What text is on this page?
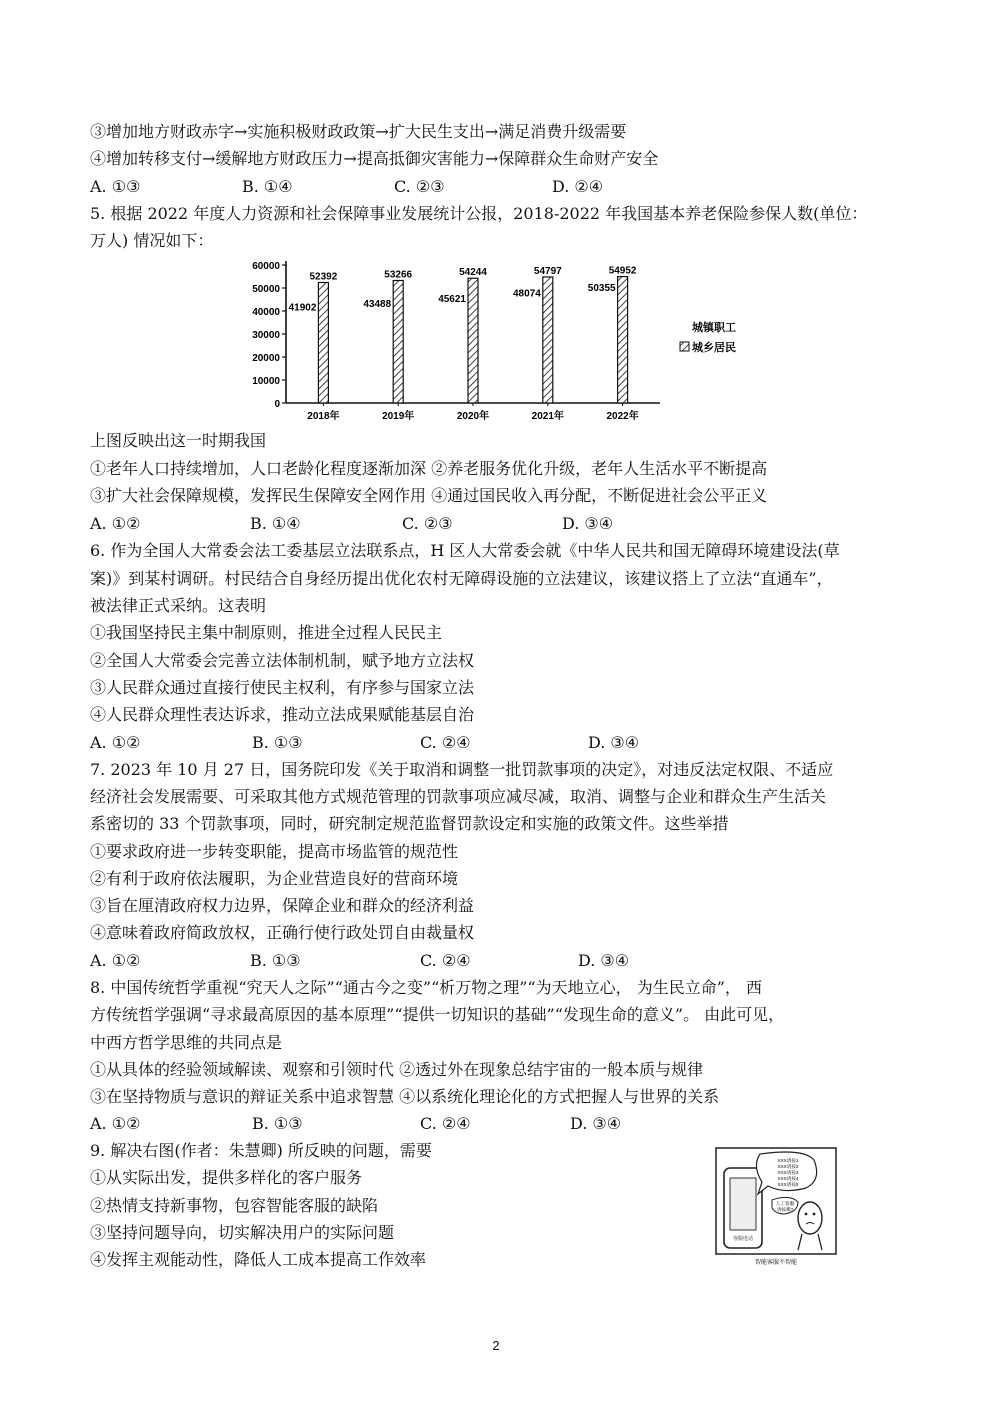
③增加地方财政赤字→实施积极财政政策→扩大民生支出→满足消费升级需要
④增加转移支付→缓解地方财政压力→提高抵御灾害能力→保障群众生命财产安全
A. ①③	B. ①④	C. ②③	D. ②④
5. 根据 2022 年度人力资源和社会保障事业发展统计公报，2018-2022 年我国基本养老保险参保人数(单位：
万人) 情况如下：
0
10000
20000
30000
40000
50000
60000
41902
52392
2018年
43488
53266
2019年
45621
54244
2020年
48074
54797
2021年
50355
54952
2022年
城镇职工
城乡居民
上图反映出这一时期我国
①老年人口持续增加，人口老龄化程度逐渐加深 ②养老服务优化升级，老年人生活水平不断提高
③扩大社会保障规模，发挥民生保障安全网作用 ④通过国民收入再分配，不断促进社会公平正义
A. ①②	B. ①④	C. ②③	D. ③④
6. 作为全国人大常委会法工委基层立法联系点，H 区人大常委会就《中华人民共和国无障碍环境建设法(草
案)》到某村调研。村民结合自身经历提出优化农村无障碍设施的立法建议，该建议搭上了立法“直通车”，
被法律正式采纳。这表明
①我国坚持民主集中制原则，推进全过程人民民主
②全国人大常委会完善立法体制机制，赋予地方立法权
③人民群众通过直接行使民主权利，有序参与国家立法
④人民群众理性表达诉求，推动立法成果赋能基层自治
A. ①②	B. ①③	C. ②④	D. ③④
7. 2023 年 10 月 27 日，国务院印发《关于取消和调整一批罚款事项的决定》，对违反法定权限、不适应
经济社会发展需要、可采取其他方式规范管理的罚款事项应减尽减，取消、调整与企业和群众生产生活关
系密切的 33 个罚款事项，同时，研究制定规范监督罚款设定和实施的政策文件。这些举措
①要求政府进一步转变职能，提高市场监管的规范性
②有利于政府依法履职，为企业营造良好的营商环境
③旨在厘清政府权力边界，保障企业和群众的经济利益
④意味着政府简政放权，正确行使行政处罚自由裁量权
A. ①②	B. ①③	C. ②④	D. ③④
8. 中国传统哲学重视“究天人之际”“通古今之变”“析万物之理”“为天地立心， 为生民立命”， 西
方传统哲学强调“寻求最高原因的基本原理”“提供一切知识的基础”“发现生命的意义”。 由此可见，
中西方哲学思维的共同点是
①从具体的经验领域解读、观察和引领时代 ②透过外在现象总结宇宙的一般本质与规律
③在坚持物质与意识的辩证关系中追求智慧 ④以系统化理论化的方式把握人与世界的关系
A. ①②	B. ①③	C. ②④	D. ③④
9. 解决右图(作者：朱慧卿) 所反映的问题，需要
①从实际出发，提供多样化的客户服务
②热情支持新事物，包容智能客服的缺陷
③坚持问题导向，切实解决用户的实际问题
④发挥主观能动性，降低人工成本提高工作效率
客服电话
XXX请按1
XXX请按2
XXX请按3
XXX请按4
XXX请按5
人工客服
请按哪?
智能客服不智能
2
